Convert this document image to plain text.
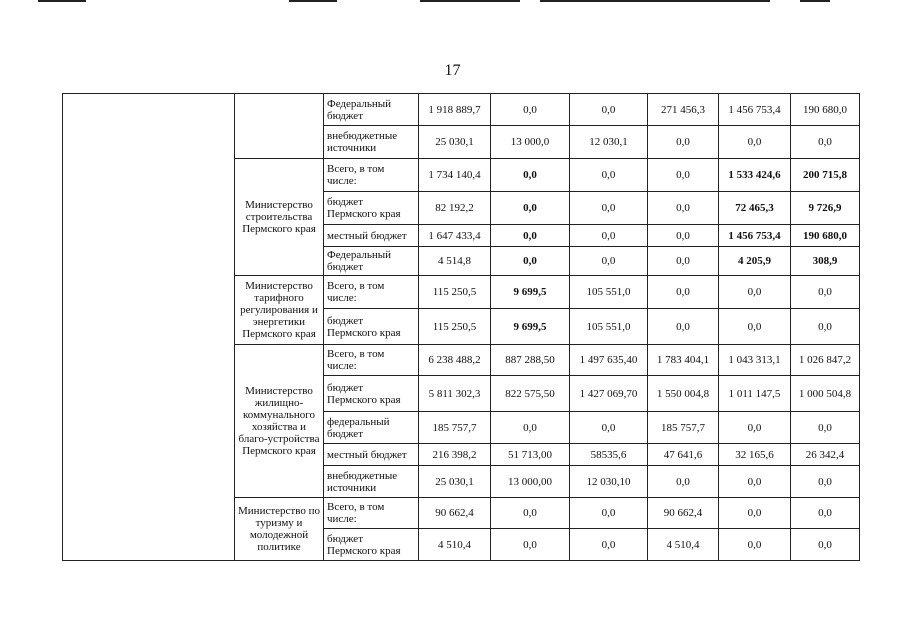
17
		Федеральный бюджет	1 918 889,7	0,0	0,0	271 456,3	1 456 753,4	190 680,0
		внебюджетные источники	25 030,1	13 000,0	12 030,1	0,0	0,0	0,0
	Министерство строительства Пермского края	Всего, в том числе:	1 734 140,4	0,0	0,0	0,0	1 533 424,6	200 715,8
		бюджет Пермского края	82 192,2	0,0	0,0	0,0	72 465,3	9 726,9
		местный бюджет	1 647 433,4	0,0	0,0	0,0	1 456 753,4	190 680,0
		Федеральный бюджет	4 514,8	0,0	0,0	0,0	4 205,9	308,9
	Министерство тарифного регулирования и энергетики Пермского края	Всего, в том числе:	115 250,5	9 699,5	105 551,0	0,0	0,0	0,0
		бюджет Пермского края	115 250,5	9 699,5	105 551,0	0,0	0,0	0,0
	Министерство жилищно-коммунального хозяйства и благо-устройства Пермского края	Всего, в том числе:	6 238 488,2	887 288,50	1 497 635,40	1 783 404,1	1 043 313,1	1 026 847,2
		бюджет Пермского края	5 811 302,3	822 575,50	1 427 069,70	1 550 004,8	1 011 147,5	1 000 504,8
		федеральный бюджет	185 757,7	0,0	0,0	185 757,7	0,0	0,0
		местный бюджет	216 398,2	51 713,00	58535,6	47 641,6	32 165,6	26 342,4
		внебюджетные источники	25 030,1	13 000,00	12 030,10	0,0	0,0	0,0
	Министерство по туризму и молодежной политике	Всего, в том числе:	90 662,4	0,0	0,0	90 662,4	0,0	0,0
		бюджет Пермского края	4 510,4	0,0	0,0	4 510,4	0,0	0,0
